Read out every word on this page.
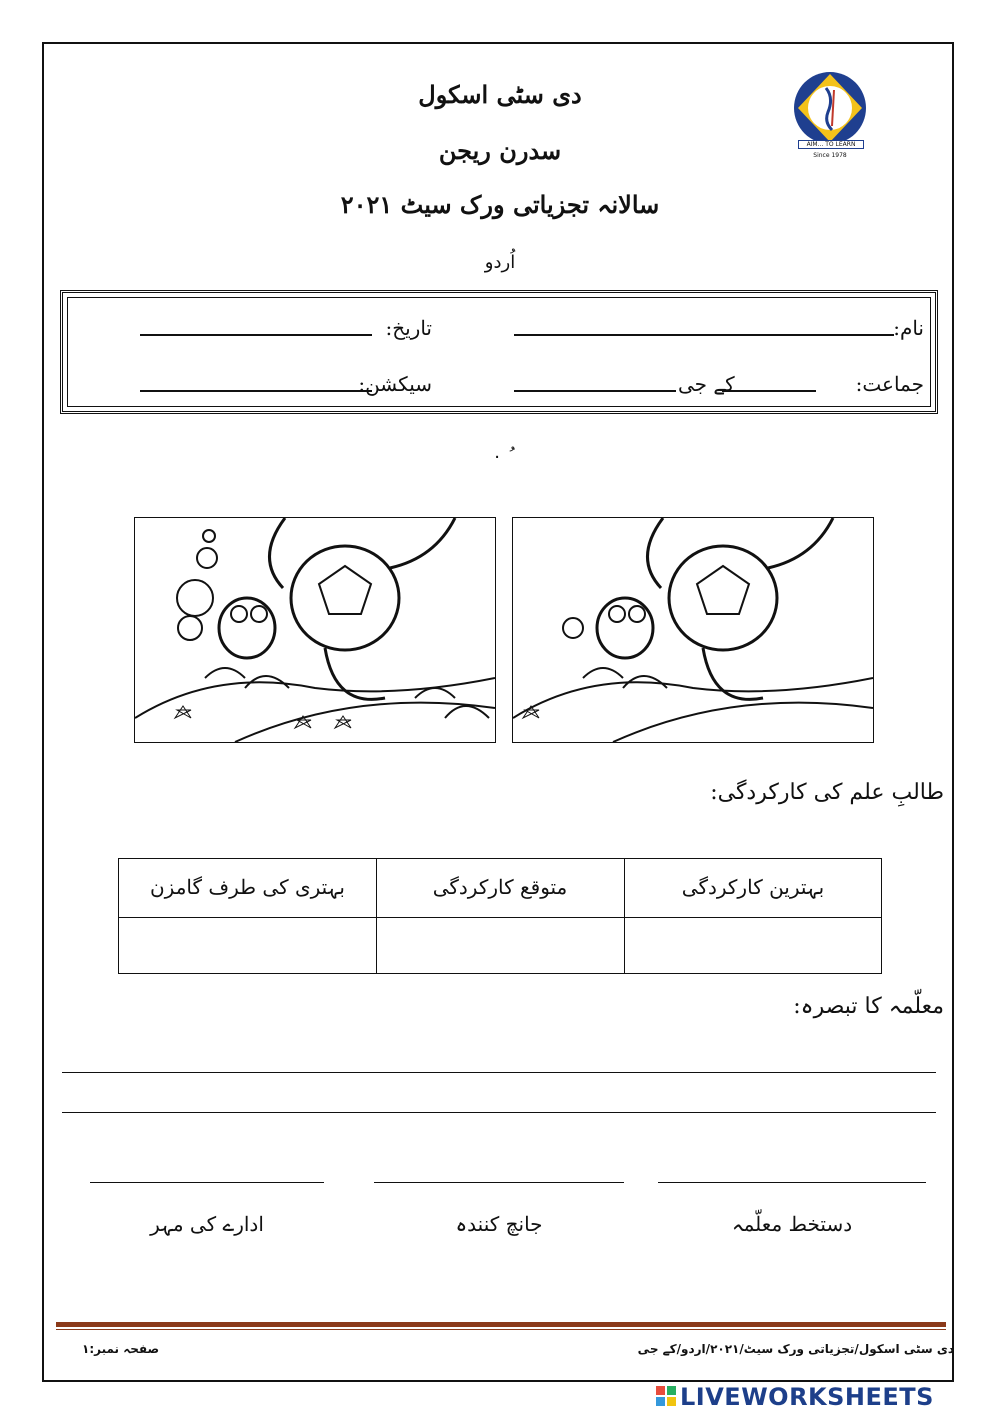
دی سٹی اسکول
سدرن ریجن
سالانہ تجزیاتی ورک سیٹ ۲۰۲۱
اُردو
AIM... TO LEARN
Since 1978
نام:
تاریخ:
جماعت:
کے جی
سیکشن:
ُ ٠
طالبِ علم کی کارکردگی:
بہترین کارکردگی
متوقع کارکردگی
بہتری کی طرف گامزن
معلّمہ کا تبصرہ:
دستخط معلّمہ
جانچ کنندہ
ادارے کی مہر
دی سٹی اسکول/تجزیاتی ورک سیٹ/۲۰۲۱/اردو/کے جی
صفحہ نمبر:۱
LIVEWORKSHEETS
